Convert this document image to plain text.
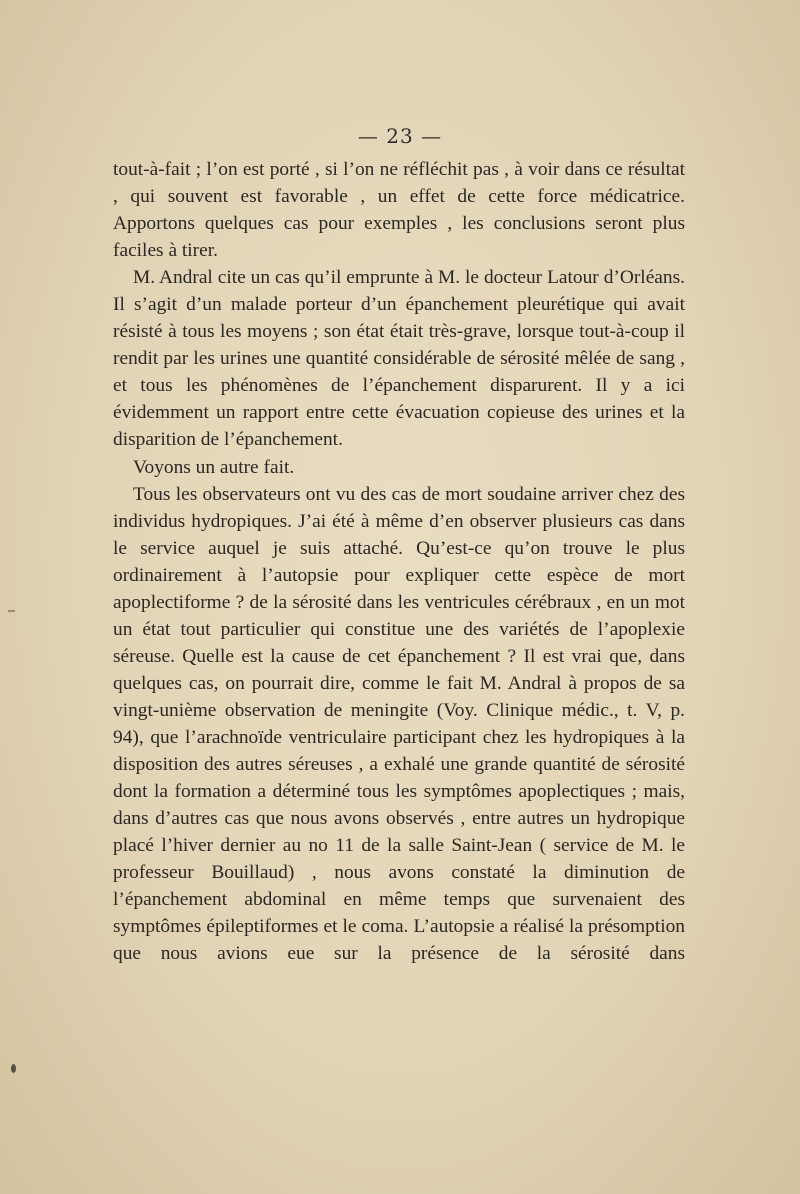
— 23 —

tout-à-fait ; l’on est porté , si l’on ne réfléchit pas , à voir dans ce résultat , qui souvent est favorable , un effet de cette force médicatrice. Apportons quelques cas pour exemples , les conclusions seront plus faciles à tirer.

M. Andral cite un cas qu’il emprunte à M. le docteur Latour d’Orléans. Il s’agit d’un malade porteur d’un épanchement pleurétique qui avait résisté à tous les moyens ; son état était très-grave, lorsque tout-à-coup il rendit par les urines une quantité considérable de sérosité mêlée de sang , et tous les phénomènes de l’épanchement disparurent. Il y a ici évidemment un rapport entre cette évacuation copieuse des urines et la disparition de l’épanchement.

Voyons un autre fait.

Tous les observateurs ont vu des cas de mort soudaine arriver chez des individus hydropiques. J’ai été à même d’en observer plusieurs cas dans le service auquel je suis attaché. Qu’est-ce qu’on trouve le plus ordinairement à l’autopsie pour expliquer cette espèce de mort apoplectiforme ? de la sérosité dans les ventricules cérébraux , en un mot un état tout particulier qui constitue une des variétés de l’apoplexie séreuse. Quelle est la cause de cet épanchement ? Il est vrai que, dans quelques cas, on pourrait dire, comme le fait M. Andral à propos de sa vingt-unième observation de meningite (Voy. Clinique médic., t. V, p. 94), que l’arachnoïde ventriculaire participant chez les hydropiques à la disposition des autres séreuses , a exhalé une grande quantité de sérosité dont la formation a déterminé tous les symptômes apoplectiques ; mais, dans d’autres cas que nous avons observés , entre autres un hydropique placé l’hiver dernier au no 11 de la salle Saint-Jean ( service de M. le professeur Bouillaud) , nous avons constaté la diminution de l’épanchement abdominal en même temps que survenaient des symptômes épileptiformes et le coma. L’autopsie a réalisé la présomption que nous avions eue sur la présence de la sérosité dans
